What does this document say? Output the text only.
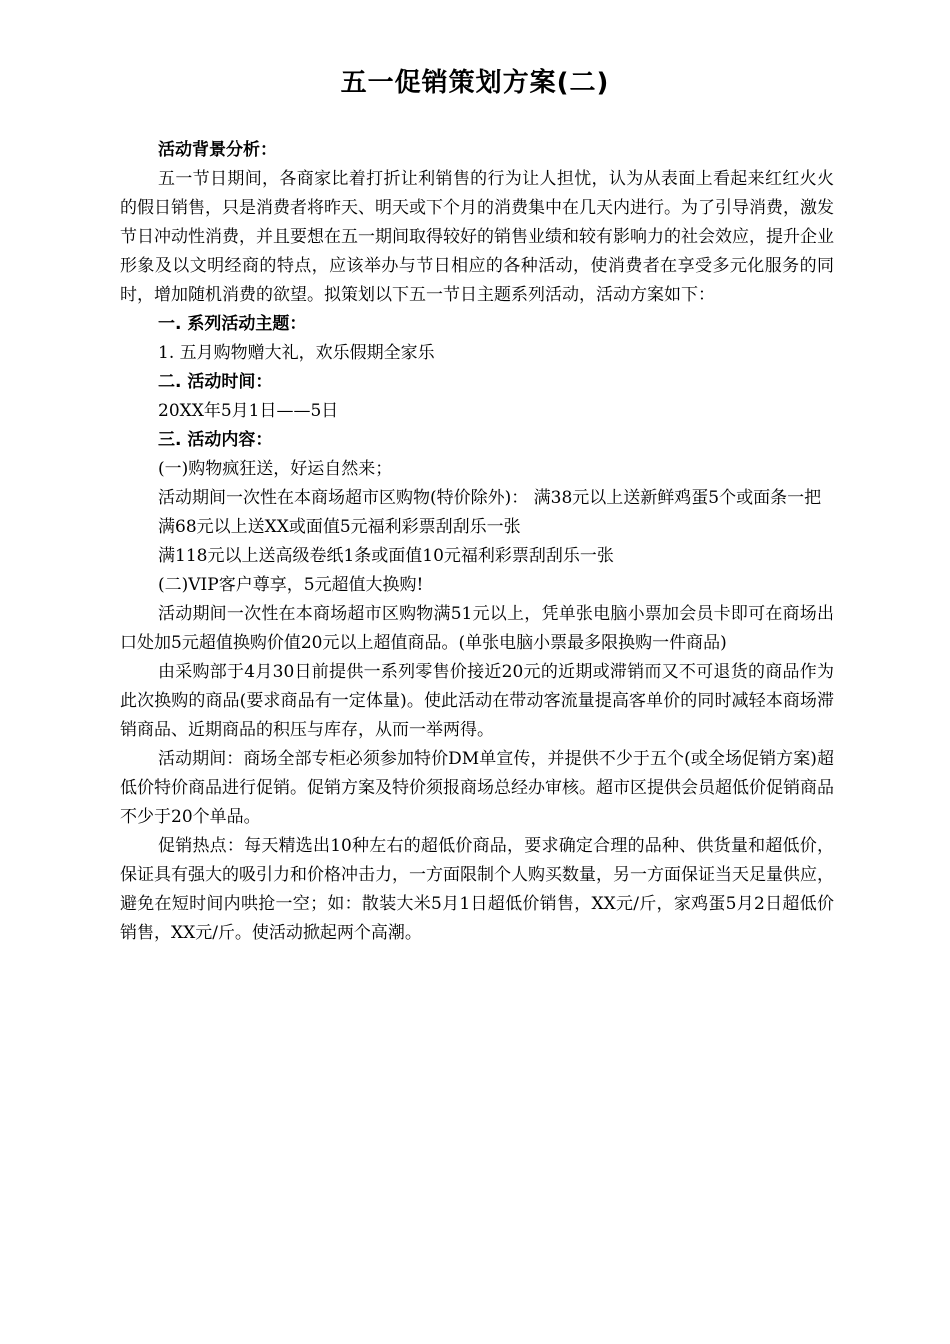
五一促销策划方案(二)

活动背景分析：

五一节日期间，各商家比着打折让利销售的行为让人担忧，认为从表面上看起来红红火火的假日销售，只是消费者将昨天、明天或下个月的消费集中在几天内进行。为了引导消费，激发节日冲动性消费，并且要想在五一期间取得较好的销售业绩和较有影响力的社会效应，提升企业形象及以文明经商的特点，应该举办与节日相应的各种活动，使消费者在享受多元化服务的同时，增加随机消费的欲望。拟策划以下五一节日主题系列活动，活动方案如下：

一. 系列活动主题：

1. 五月购物赠大礼，欢乐假期全家乐

二. 活动时间：

20XX年5月1日——5日

三. 活动内容：

(一)购物疯狂送，好运自然来；

活动期间一次性在本商场超市区购物(特价除外)： 满38元以上送新鲜鸡蛋5个或面条一把

满68元以上送XX或面值5元福利彩票刮刮乐一张

满118元以上送高级卷纸1条或面值10元福利彩票刮刮乐一张

(二)VIP客户尊享，5元超值大换购!

活动期间一次性在本商场超市区购物满51元以上，凭单张电脑小票加会员卡即可在商场出口处加5元超值换购价值20元以上超值商品。(单张电脑小票最多限换购一件商品)

由采购部于4月30日前提供一系列零售价接近20元的近期或滞销而又不可退货的商品作为此次换购的商品(要求商品有一定体量)。使此活动在带动客流量提高客单价的同时减轻本商场滞销商品、近期商品的积压与库存，从而一举两得。

活动期间：商场全部专柜必须参加特价DM单宣传，并提供不少于五个(或全场促销方案)超低价特价商品进行促销。促销方案及特价须报商场总经办审核。超市区提供会员超低价促销商品不少于20个单品。

促销热点：每天精选出10种左右的超低价商品，要求确定合理的品种、供货量和超低价，保证具有强大的吸引力和价格冲击力，一方面限制个人购买数量，另一方面保证当天足量供应，避免在短时间内哄抢一空；如：散装大米5月1日超低价销售，XX元/斤，家鸡蛋5月2日超低价销售，XX元/斤。使活动掀起两个高潮。
